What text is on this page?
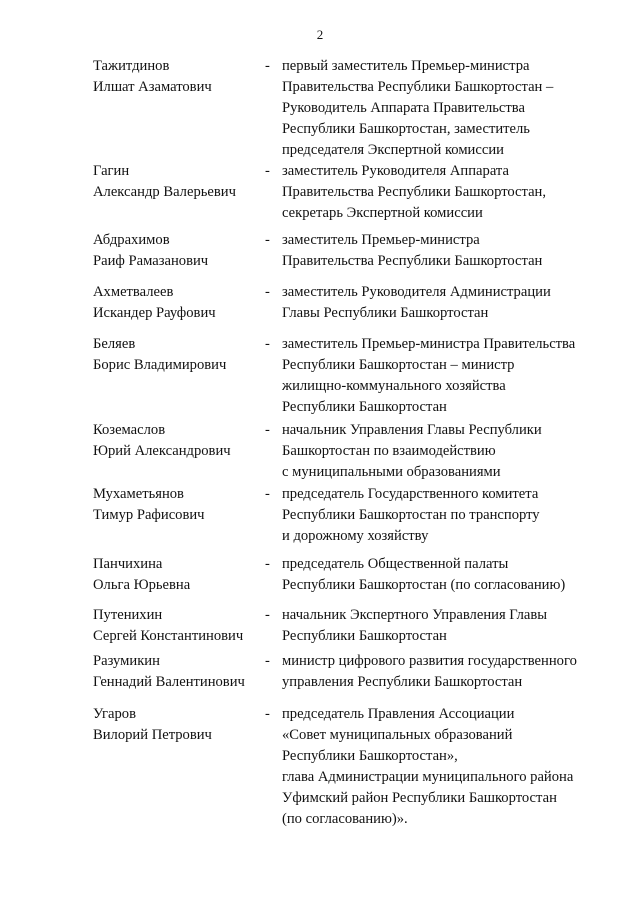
2
Тажитдинов
Илшат Азаматович
- первый заместитель Премьер-министра
Правительства Республики Башкортостан –
Руководитель Аппарата Правительства
Республики Башкортостан, заместитель
председателя Экспертной комиссии
Гагин
Александр Валерьевич
- заместитель Руководителя Аппарата
Правительства Республики Башкортостан,
секретарь Экспертной комиссии
Абдрахимов
Раиф Рамазанович
- заместитель Премьер-министра
Правительства Республики Башкортостан
Ахметвалеев
Искандер Рауфович
- заместитель Руководителя Администрации
Главы Республики Башкортостан
Беляев
Борис Владимирович
- заместитель Премьер-министра Правительства
Республики Башкортостан – министр
жилищно-коммунального хозяйства
Республики Башкортостан
Коземаслов
Юрий Александрович
- начальник Управления Главы Республики
Башкортостан по взаимодействию
с муниципальными образованиями
Мухаметьянов
Тимур Рафисович
- председатель Государственного комитета
Республики Башкортостан по транспорту
и дорожному хозяйству
Панчихина
Ольга Юрьевна
- председатель Общественной палаты
Республики Башкортостан (по согласованию)
Путенихин
Сергей Константинович
- начальник Экспертного Управления Главы
Республики Башкортостан
Разумикин
Геннадий Валентинович
- министр цифрового развития государственного
управления Республики Башкортостан
Угаров
Вилорий Петрович
- председатель Правления Ассоциации
«Совет муниципальных образований
Республики Башкортостан»,
глава Администрации муниципального района
Уфимский район Республики Башкортостан
(по согласованию)».
